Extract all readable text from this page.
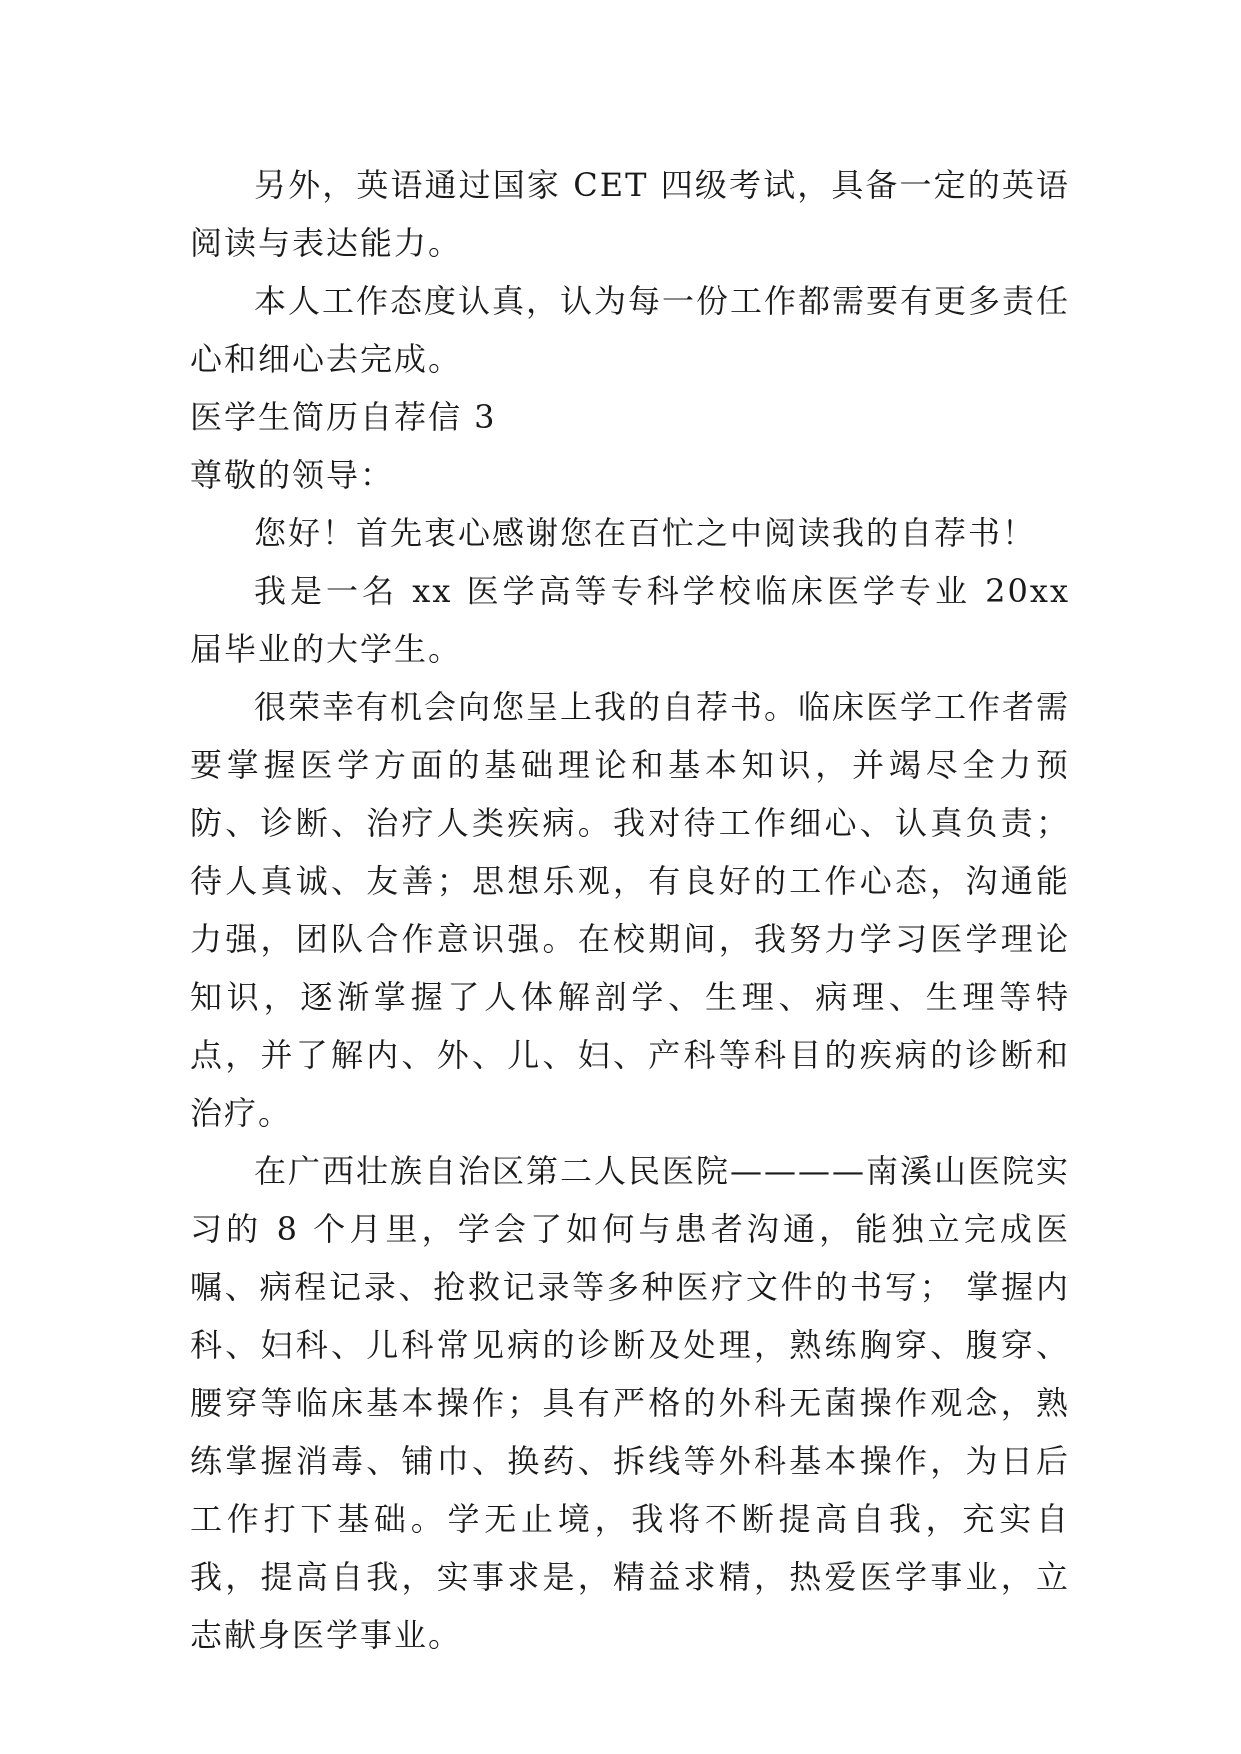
另外，英语通过国家 CET 四级考试，具备一定的英语阅读与表达能力。

本人工作态度认真，认为每一份工作都需要有更多责任心和细心去完成。

医学生简历自荐信 3

尊敬的领导：

您好！首先衷心感谢您在百忙之中阅读我的自荐书！

我是一名 xx 医学高等专科学校临床医学专业 20xx 届毕业的大学生。

很荣幸有机会向您呈上我的自荐书。临床医学工作者需要掌握医学方面的基础理论和基本知识，并竭尽全力预防、诊断、治疗人类疾病。我对待工作细心、认真负责；待人真诚、友善；思想乐观，有良好的工作心态，沟通能力强，团队合作意识强。在校期间，我努力学习医学理论知识，逐渐掌握了人体解剖学、生理、病理、生理等特点，并了解内、外、儿、妇、产科等科目的疾病的诊断和治疗。

在广西壮族自治区第二人民医院————南溪山医院实习的 8 个月里，学会了如何与患者沟通，能独立完成医嘱、病程记录、抢救记录等多种医疗文件的书写； 掌握内科、妇科、儿科常见病的诊断及处理，熟练胸穿、腹穿、腰穿等临床基本操作；具有严格的外科无菌操作观念，熟练掌握消毒、铺巾、换药、拆线等外科基本操作，为日后工作打下基础。学无止境，我将不断提高自我，充实自我，提高自我，实事求是，精益求精，热爱医学事业，立志献身医学事业。
